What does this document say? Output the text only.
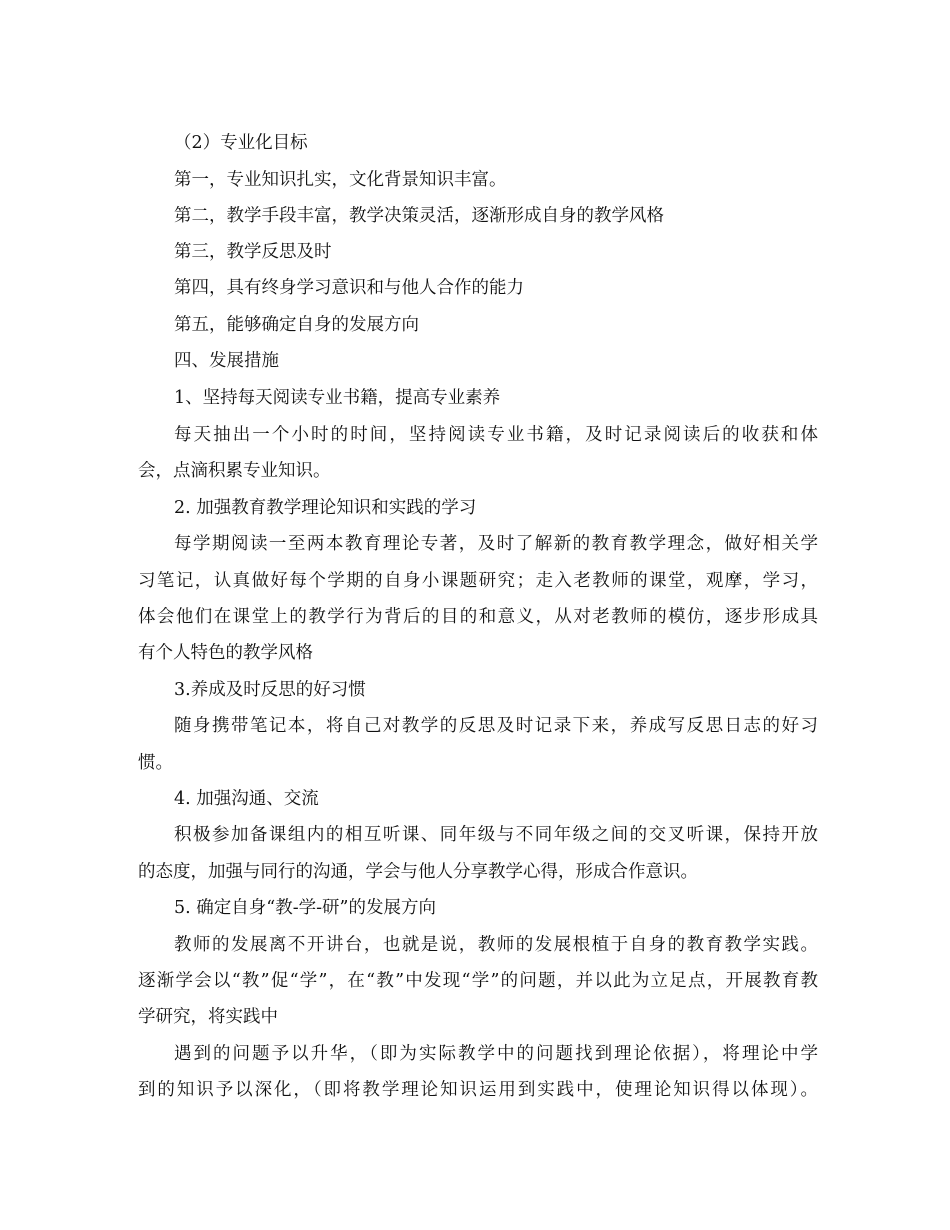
（2）专业化目标
第一，专业知识扎实，文化背景知识丰富。
第二，教学手段丰富，教学决策灵活，逐渐形成自身的教学风格
第三，教学反思及时
第四，具有终身学习意识和与他人合作的能力
第五，能够确定自身的发展方向
四、发展措施
1、坚持每天阅读专业书籍，提高专业素养
每天抽出一个小时的时间，坚持阅读专业书籍，及时记录阅读后的收获和体
会，点滴积累专业知识。
2. 加强教育教学理论知识和实践的学习
每学期阅读一至两本教育理论专著，及时了解新的教育教学理念，做好相关学
习笔记，认真做好每个学期的自身小课题研究；走入老教师的课堂，观摩，学习，
体会他们在课堂上的教学行为背后的目的和意义，从对老教师的模仿，逐步形成具
有个人特色的教学风格
3.养成及时反思的好习惯
随身携带笔记本，将自己对教学的反思及时记录下来，养成写反思日志的好习
惯。
4. 加强沟通、交流
积极参加备课组内的相互听课、同年级与不同年级之间的交叉听课，保持开放
的态度，加强与同行的沟通，学会与他人分享教学心得，形成合作意识。
5. 确定自身“教-学-研”的发展方向
教师的发展离不开讲台，也就是说，教师的发展根植于自身的教育教学实践。
逐渐学会以“教”促“学”，在“教”中发现“学”的问题，并以此为立足点，开展教育教
学研究，将实践中
遇到的问题予以升华，（即为实际教学中的问题找到理论依据），将理论中学
到的知识予以深化，（即将教学理论知识运用到实践中，使理论知识得以体现）。
